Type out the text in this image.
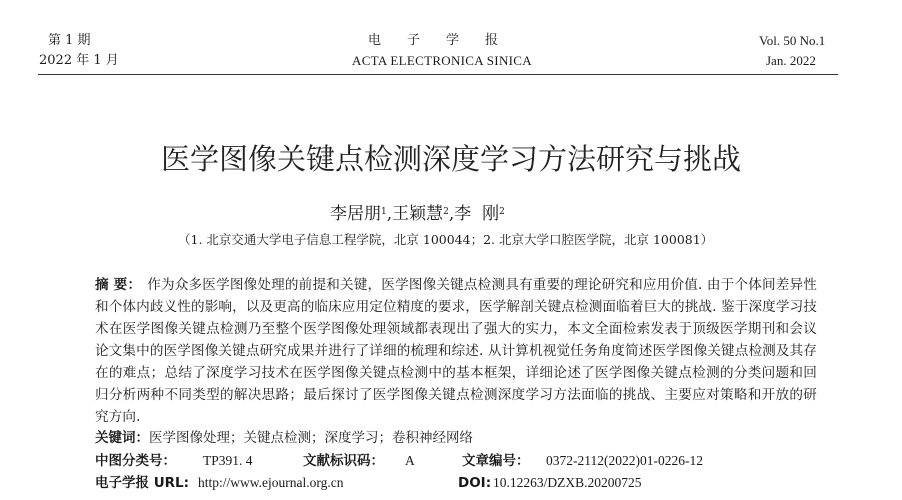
第 1 期
2022 年 1 月
电子学报
ACTA ELECTRONICA SINICA
Vol. 50 No.1
Jan. 2022
医学图像关键点检测深度学习方法研究与挑战
李居朋$^1$,王颖慧$^2$,李  刚$^2$
（1. 北京交通大学电子信息工程学院，北京 100044；2. 北京大学口腔医学院，北京 100081）
摘 要： 作为众多医学图像处理的前提和关键，医学图像关键点检测具有重要的理论研究和应用价值. 由于个体间差异性和个体内歧义性的影响，以及更高的临床应用定位精度的要求，医学解剖关键点检测面临着巨大的挑战. 鉴于深度学习技术在医学图像关键点检测乃至整个医学图像处理领域都表现出了强大的实力，本文全面检索发表于顶级医学期刊和会议论文集中的医学图像关键点研究成果并进行了详细的梳理和综述. 从计算机视觉任务角度简述医学图像关键点检测及其存在的难点；总结了深度学习技术在医学图像关键点检测中的基本框架，详细论述了医学图像关键点检测的分类问题和回归分析两种不同类型的解决思路；最后探讨了医学图像关键点检测深度学习方法面临的挑战、主要应对策略和开放的研究方向.
关键词：医学图像处理；关键点检测；深度学习；卷积神经网络
中图分类号： TP391. 4	文献标识码： A	文章编号： 0372-2112(2022)01-0226-12
电子学报 URL: http://www.ejournal.org.cn	DOI: 10.12263/DZXB.20200725
